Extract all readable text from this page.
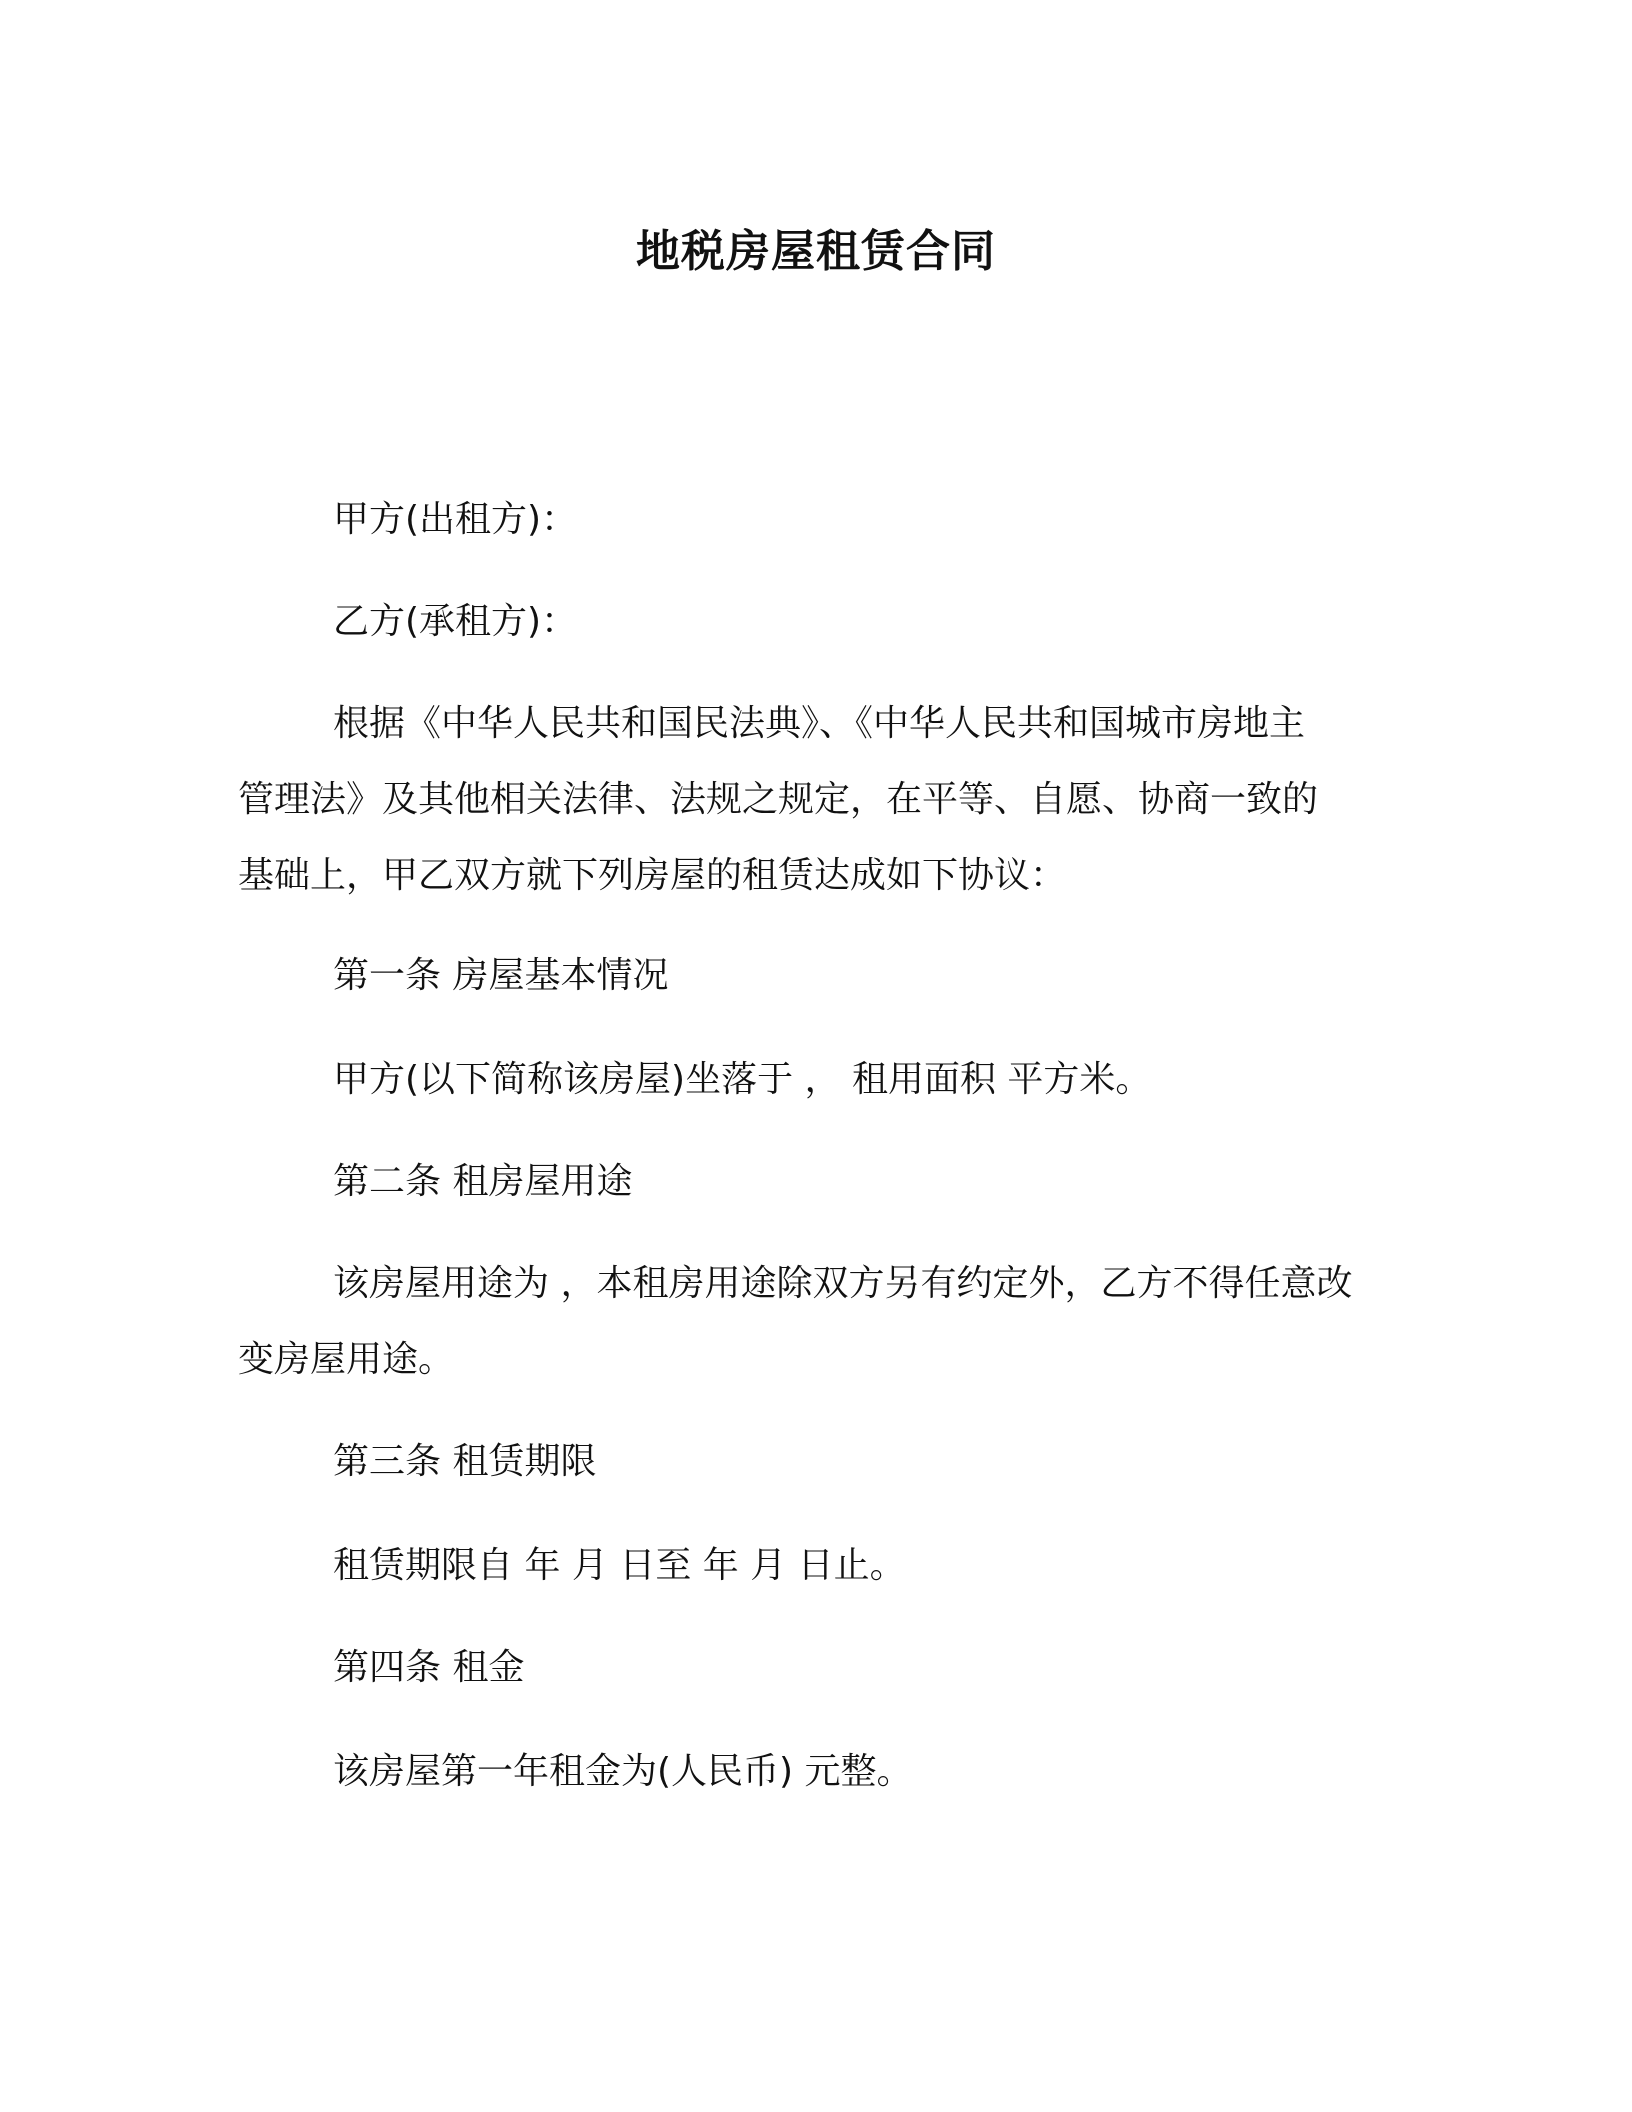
地税房屋租赁合同

甲方(出租方)：

乙方(承租方)：

根据《中华人民共和国民法典》、《中华人民共和国城市房地主

管理法》及其他相关法律、法规之规定，在平等、自愿、协商一致的

基础上，甲乙双方就下列房屋的租赁达成如下协议：

第一条 房屋基本情况

甲方(以下简称该房屋)坐落于 ， 租用面积 平方米。

第二条 租房屋用途

该房屋用途为 ，本租房用途除双方另有约定外，乙方不得任意改

变房屋用途。

第三条 租赁期限

租赁期限自 年 月 日至 年 月 日止。

第四条 租金

该房屋第一年租金为(人民币) 元整。
